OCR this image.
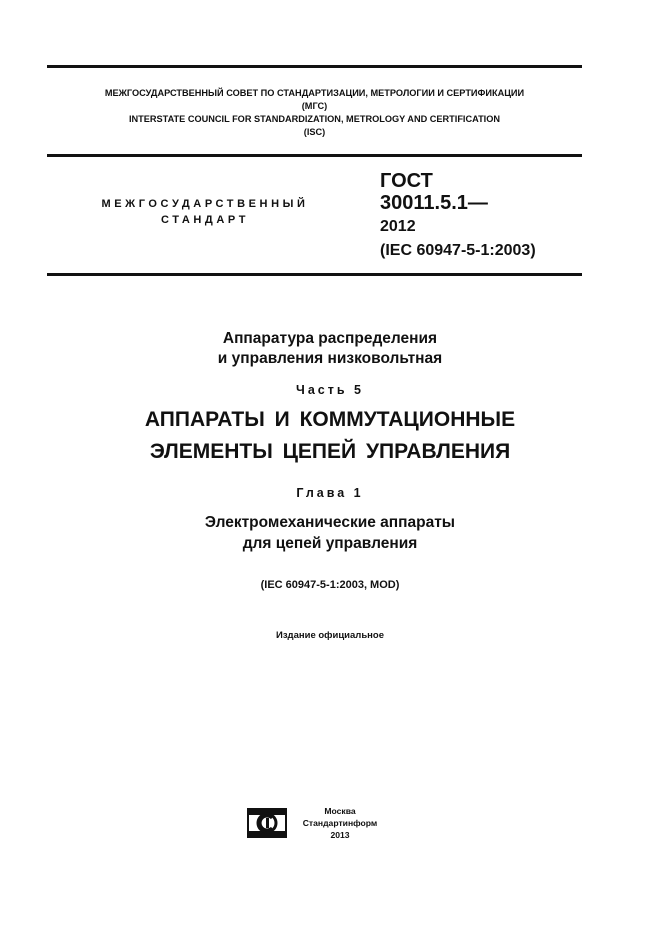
МЕЖГОСУДАРСТВЕННЫЙ СОВЕТ ПО СТАНДАРТИЗАЦИИ, МЕТРОЛОГИИ И СЕРТИФИКАЦИИ
(МГС)
INTERSTATE COUNCIL FOR STANDARDIZATION, METROLOGY AND CERTIFICATION
(ISC)
МЕЖГОСУДАРСТВЕННЫЙ
СТАНДАРТ
ГОСТ
30011.5.1—
2012
(IEC 60947-5-1:2003)
Аппаратура распределения
и управления низковольтная
Часть 5
АППАРАТЫ И КОММУТАЦИОННЫЕ
ЭЛЕМЕНТЫ ЦЕПЕЙ УПРАВЛЕНИЯ
Глава 1
Электромеханические аппараты
для цепей управления
(IEC 60947-5-1:2003, MOD)
Издание официальное
Москва
Стандартинформ
2013
